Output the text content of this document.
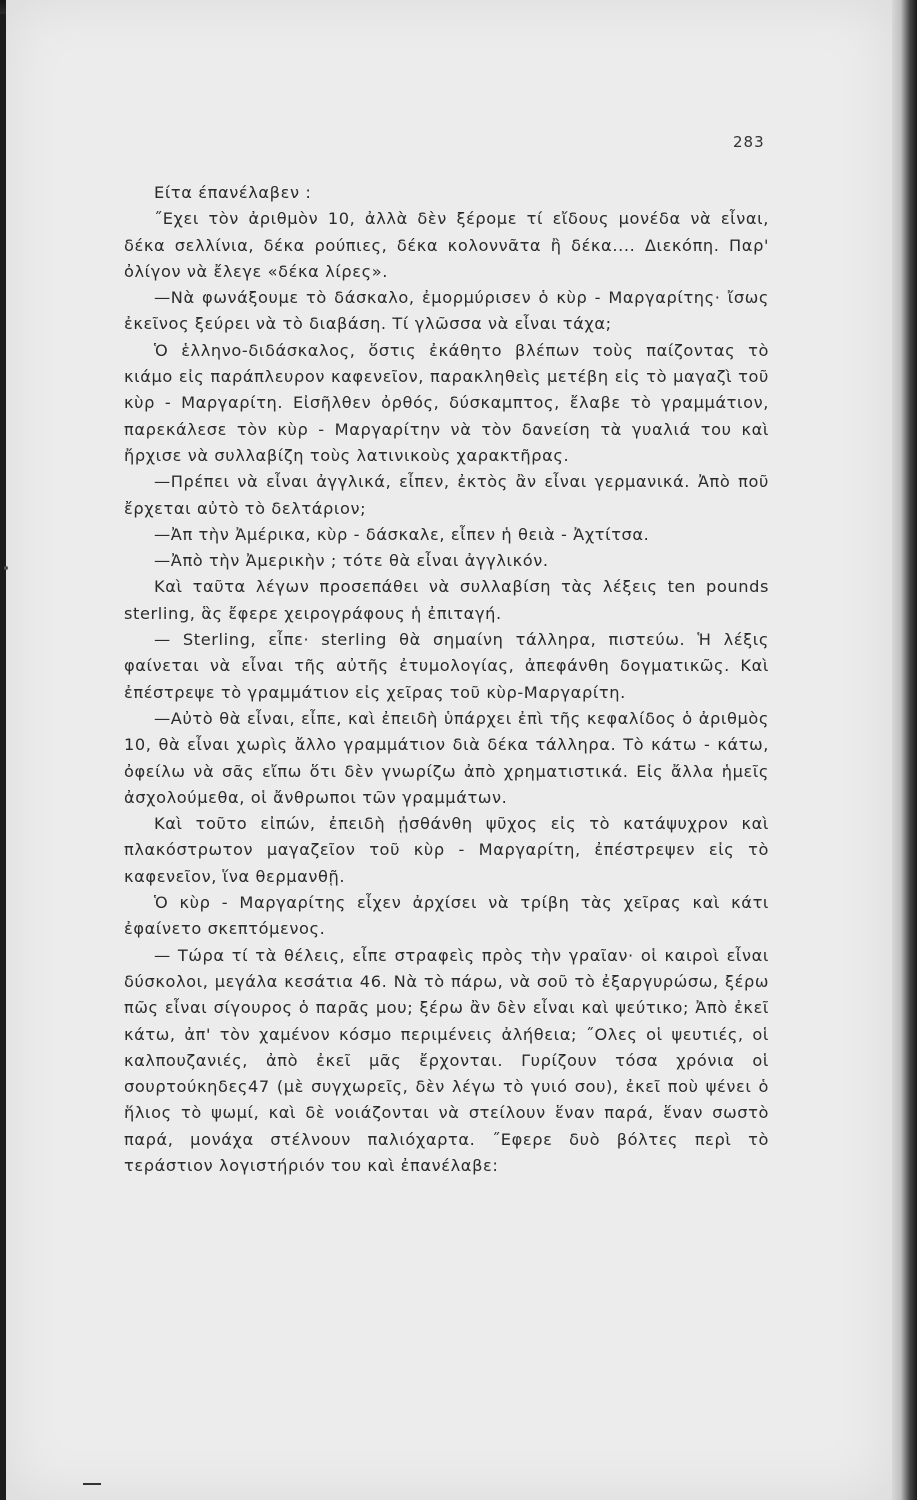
283

Είτα έπανέλαβεν :

˝Εχει τὸν ἀριθμὸν 10, ἀλλὰ δὲν ξέρομε τί εἴδους μονέδα νὰ εἶναι, δέκα σελλίνια, δέκα ρούπιες, δέκα κολοννᾶτα ἢ δέκα.... Διεκόπη. Παρ' ὀλίγον νὰ ἔλεγε «δέκα λίρες».

—Νὰ φωνάξουμε τὸ δάσκαλο, ἐμορμύρισεν ὁ κὺρ - Μαργαρίτης· ἴσως ἐκεῖνος ξεύρει νὰ τὸ διαβάση. Τί γλῶσσα νὰ εἶναι τάχα;

Ὁ ἑλληνο-διδάσκαλος, ὅστις ἐκάθητο βλέπων τοὺς παίζοντας τὸ κιάμο εἰς παράπλευρον καφενεῖον, παρακληθεὶς μετέβη εἰς τὸ μαγαζὶ τοῦ κὺρ - Μαργαρίτη. Εἰσῆλθεν ὀρθός, δύσκαμπτος, ἔλαβε τὸ γραμμάτιον, παρεκάλεσε τὸν κὺρ - Μαργαρίτην νὰ τὸν δανείση τὰ γυαλιά του καὶ ἤρχισε νὰ συλλαβίζη τοὺς λατινικοὺς χαρακτῆρας.

—Πρέπει νὰ εἶναι ἀγγλικά, εἶπεν, ἐκτὸς ἂν εἶναι γερμανικά. Ἀπὸ ποῦ ἔρχεται αὐτὸ τὸ δελτάριον;

—Ἀπ τὴν Ἀμέρικα, κὺρ - δάσκαλε, εἶπεν ἡ θειὰ - Ἀχτίτσα.

—Ἀπὸ τὴν Ἀμερικὴν ; τότε θὰ εἶναι ἀγγλικόν.

Καὶ ταῦτα λέγων προσεπάθει νὰ συλλαβίση τὰς λέξεις ten pounds sterling, ἃς ἔφερε χειρογράφους ἡ ἐπιταγή.

— Sterling, εἶπε· sterling θὰ σημαίνη τάλληρα, πιστεύω. Ἡ λέξις φαίνεται νὰ εἶναι τῆς αὐτῆς ἐτυμολογίας, ἀπεφάνθη δογματικῶς. Καὶ ἐπέστρεψε τὸ γραμμάτιον εἰς χεῖρας τοῦ κὺρ-Μαργαρίτη.

—Αὐτὸ θὰ εἶναι, εἶπε, καὶ ἐπειδὴ ὑπάρχει ἐπὶ τῆς κεφαλίδος ὁ ἀριθμὸς 10, θὰ εἶναι χωρὶς ἄλλο γραμμάτιον διὰ δέκα τάλληρα. Τὸ κάτω - κάτω, ὀφείλω νὰ σᾶς εἴπω ὅτι δὲν γνωρίζω ἀπὸ χρηματιστικά. Εἰς ἄλλα ἡμεῖς ἀσχολούμεθα, οἱ ἄνθρωποι τῶν γραμμάτων.

Καὶ τοῦτο εἰπών, ἐπειδὴ ᾐσθάνθη ψῦχος εἰς τὸ κατάψυχρον καὶ πλακόστρωτον μαγαζεῖον τοῦ κὺρ - Μαργαρίτη, ἐπέστρεψεν εἰς τὸ καφενεῖον, ἵνα θερμανθῇ.

Ὁ κὺρ - Μαργαρίτης εἶχεν ἀρχίσει νὰ τρίβη τὰς χεῖρας καὶ κάτι ἐφαίνετο σκεπτόμενος.

— Τώρα τί τὰ θέλεις, εἶπε στραφεὶς πρὸς τὴν γραῖαν· οἱ καιροὶ εἶναι δύσκολοι, μεγάλα κεσάτια 46. Νὰ τὸ πάρω, νὰ σοῦ τὸ ἐξαργυρώσω, ξέρω πῶς εἶναι σίγουρος ὁ παρᾶς μου; ξέρω ἂν δὲν εἶναι καὶ ψεύτικο; Ἀπὸ ἐκεῖ κάτω, ἀπ' τὸν χαμένον κόσμο περιμένεις ἀλήθεια; ˝Ολες οἱ ψευτιές, οἱ καλπουζανιές, ἀπὸ ἐκεῖ μᾶς ἔρχονται. Γυρίζουν τόσα χρόνια οἱ σουρτούκηδες47 (μὲ συγχωρεῖς, δὲν λέγω τὸ γυιό σου), ἐκεῖ ποὺ ψένει ὁ ἥλιος τὸ ψωμί, καὶ δὲ νοιάζονται νὰ στείλουν ἕναν παρά, ἕναν σωστὸ παρά, μονάχα στέλνουν παλιόχαρτα. ˝Εφερε δυὸ βόλτες περὶ τὸ τεράστιον λογιστήριόν του καὶ ἐπανέλαβε:
